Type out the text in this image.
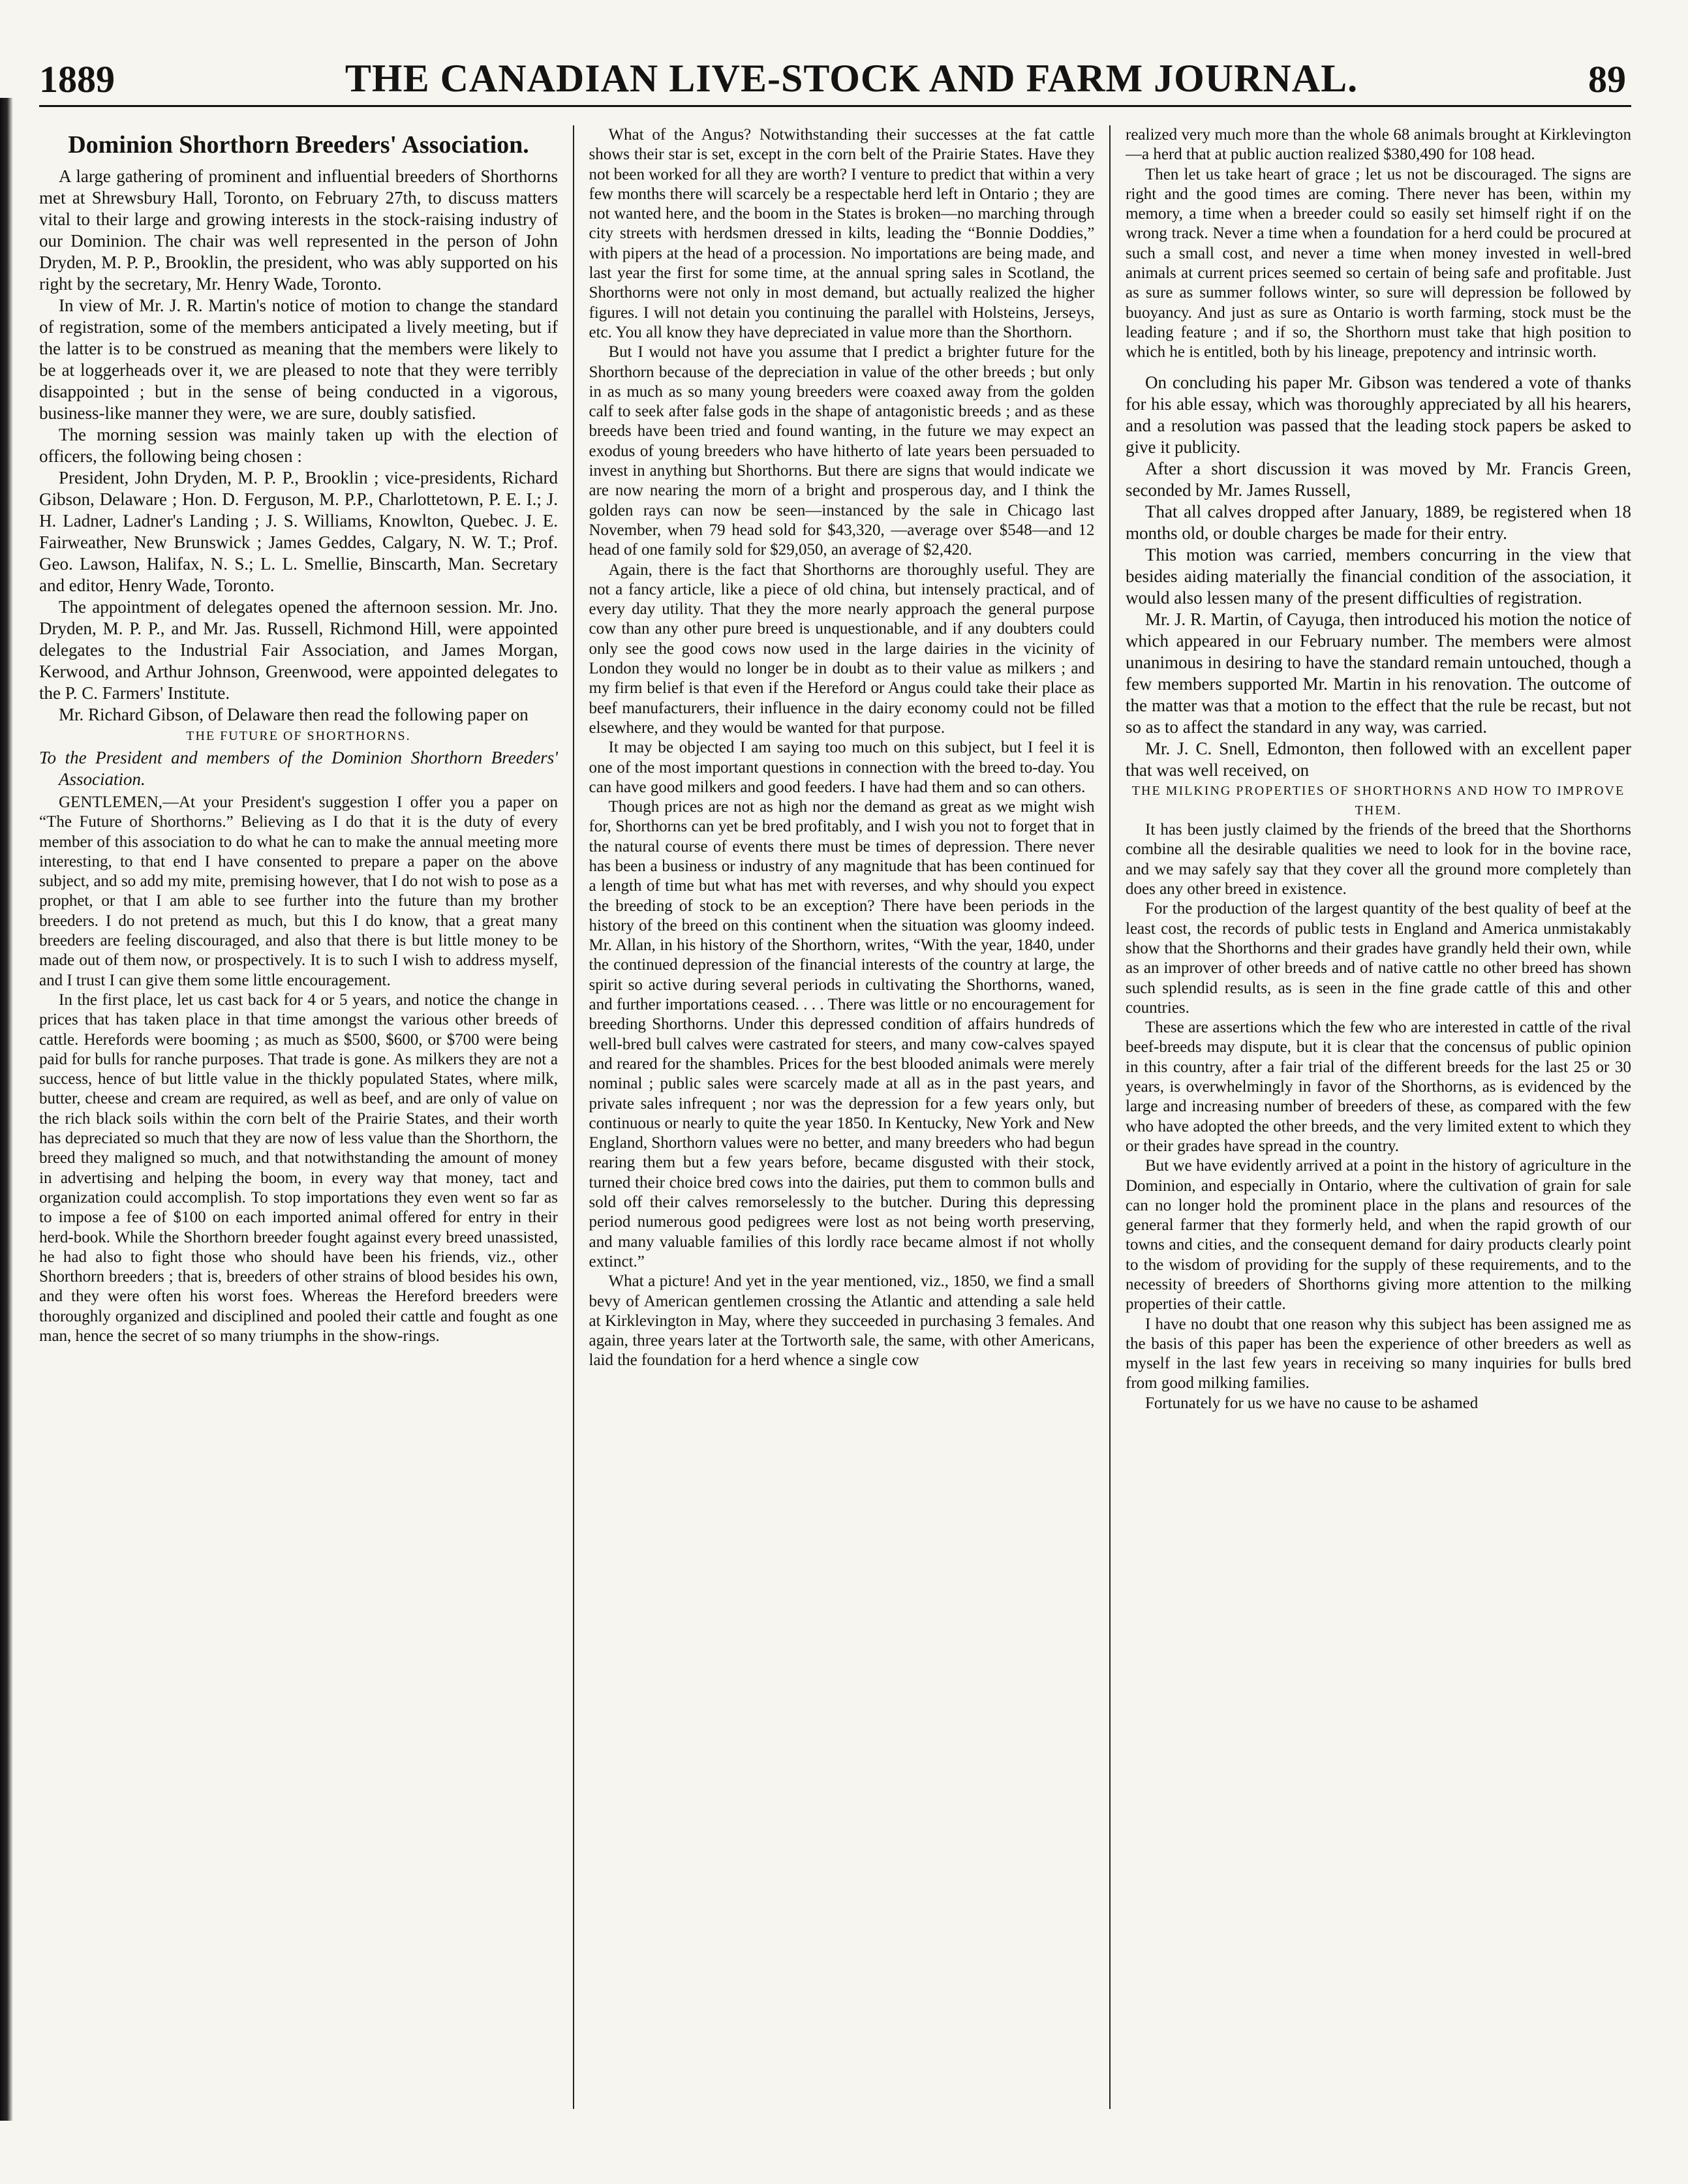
1889	THE CANADIAN LIVE-STOCK AND FARM JOURNAL.	89
Dominion Shorthorn Breeders' Association.

A large gathering of prominent and influential breeders of Shorthorns met at Shrewsbury Hall, Toronto, on February 27th, to discuss matters vital to their large and growing interests in the stock-raising industry of our Dominion. The chair was well represented in the person of John Dryden, M. P. P., Brooklin, the president, who was ably supported on his right by the secretary, Mr. Henry Wade, Toronto.

In view of Mr. J. R. Martin's notice of motion to change the standard of registration, some of the members anticipated a lively meeting, but if the latter is to be construed as meaning that the members were likely to be at loggerheads over it, we are pleased to note that they were terribly disappointed ; but in the sense of being conducted in a vigorous, business-like manner they were, we are sure, doubly satisfied.

The morning session was mainly taken up with the election of officers, the following being chosen :

President, John Dryden, M. P. P., Brooklin ; vice-presidents, Richard Gibson, Delaware ; Hon. D. Ferguson, M. P.P., Charlottetown, P. E. I.; J. H. Ladner, Ladner's Landing ; J. S. Williams, Knowlton, Quebec. J. E. Fairweather, New Brunswick ; James Geddes, Calgary, N. W. T.; Prof. Geo. Lawson, Halifax, N. S.; L. L. Smellie, Binscarth, Man. Secretary and editor, Henry Wade, Toronto.

The appointment of delegates opened the afternoon session. Mr. Jno. Dryden, M. P. P., and Mr. Jas. Russell, Richmond Hill, were appointed delegates to the Industrial Fair Association, and James Morgan, Kerwood, and Arthur Johnson, Greenwood, were appointed delegates to the P. C. Farmers' Institute.

Mr. Richard Gibson, of Delaware then read the following paper on

THE FUTURE OF SHORTHORNS.

To the President and members of the Dominion Shorthorn Breeders' Association.

GENTLEMEN,—At your President's suggestion I offer you a paper on “The Future of Shorthorns.” Believing as I do that it is the duty of every member of this association to do what he can to make the annual meeting more interesting, to that end I have consented to prepare a paper on the above subject, and so add my mite, premising however, that I do not wish to pose as a prophet, or that I am able to see further into the future than my brother breeders. I do not pretend as much, but this I do know, that a great many breeders are feeling discouraged, and also that there is but little money to be made out of them now, or prospectively. It is to such I wish to address myself, and I trust I can give them some little encouragement.

In the first place, let us cast back for 4 or 5 years, and notice the change in prices that has taken place in that time amongst the various other breeds of cattle. Herefords were booming ; as much as $500, $600, or $700 were being paid for bulls for ranche purposes. That trade is gone. As milkers they are not a success, hence of but little value in the thickly populated States, where milk, butter, cheese and cream are required, as well as beef, and are only of value on the rich black soils within the corn belt of the Prairie States, and their worth has depreciated so much that they are now of less value than the Shorthorn, the breed they maligned so much, and that notwithstanding the amount of money in advertising and helping the boom, in every way that money, tact and organization could accomplish. To stop importations they even went so far as to impose a fee of $100 on each imported animal offered for entry in their herd-book. While the Shorthorn breeder fought against every breed unassisted, he had also to fight those who should have been his friends, viz., other Shorthorn breeders ; that is, breeders of other strains of blood besides his own, and they were often his worst foes. Whereas the Hereford breeders were thoroughly organized and disciplined and pooled their cattle and fought as one man, hence the secret of so many triumphs in the show-rings.

What of the Angus? Notwithstanding their successes at the fat cattle shows their star is set, except in the corn belt of the Prairie States. Have they not been worked for all they are worth? I venture to predict that within a very few months there will scarcely be a respectable herd left in Ontario ; they are not wanted here, and the boom in the States is broken—no marching through city streets with herdsmen dressed in kilts, leading the “Bonnie Doddies,” with pipers at the head of a procession. No importations are being made, and last year the first for some time, at the annual spring sales in Scotland, the Shorthorns were not only in most demand, but actually realized the higher figures. I will not detain you continuing the parallel with Holsteins, Jerseys, etc. You all know they have depreciated in value more than the Shorthorn.

But I would not have you assume that I predict a brighter future for the Shorthorn because of the depreciation in value of the other breeds ; but only in as much as so many young breeders were coaxed away from the golden calf to seek after false gods in the shape of antagonistic breeds ; and as these breeds have been tried and found wanting, in the future we may expect an exodus of young breeders who have hitherto of late years been persuaded to invest in anything but Shorthorns. But there are signs that would indicate we are now nearing the morn of a bright and prosperous day, and I think the golden rays can now be seen—instanced by the sale in Chicago last November, when 79 head sold for $43,320, —average over $548—and 12 head of one family sold for $29,050, an average of $2,420.

Again, there is the fact that Shorthorns are thoroughly useful. They are not a fancy article, like a piece of old china, but intensely practical, and of every day utility. That they the more nearly approach the general purpose cow than any other pure breed is unquestionable, and if any doubters could only see the good cows now used in the large dairies in the vicinity of London they would no longer be in doubt as to their value as milkers ; and my firm belief is that even if the Hereford or Angus could take their place as beef manufacturers, their influence in the dairy economy could not be filled elsewhere, and they would be wanted for that purpose.

It may be objected I am saying too much on this subject, but I feel it is one of the most important questions in connection with the breed to-day. You can have good milkers and good feeders. I have had them and so can others.

Though prices are not as high nor the demand as great as we might wish for, Shorthorns can yet be bred profitably, and I wish you not to forget that in the natural course of events there must be times of depression. There never has been a business or industry of any magnitude that has been continued for a length of time but what has met with reverses, and why should you expect the breeding of stock to be an exception? There have been periods in the history of the breed on this continent when the situation was gloomy indeed. Mr. Allan, in his history of the Shorthorn, writes, “With the year, 1840, under the continued depression of the financial interests of the country at large, the spirit so active during several periods in cultivating the Shorthorns, waned, and further importations ceased. . . . There was little or no encouragement for breeding Shorthorns. Under this depressed condition of affairs hundreds of well-bred bull calves were castrated for steers, and many cow-calves spayed and reared for the shambles. Prices for the best blooded animals were merely nominal ; public sales were scarcely made at all as in the past years, and private sales infrequent ; nor was the depression for a few years only, but continuous or nearly to quite the year 1850. In Kentucky, New York and New England, Shorthorn values were no better, and many breeders who had begun rearing them but a few years before, became disgusted with their stock, turned their choice bred cows into the dairies, put them to common bulls and sold off their calves remorselessly to the butcher. During this depressing period numerous good pedigrees were lost as not being worth preserving, and many valuable families of this lordly race became almost if not wholly extinct.”

What a picture! And yet in the year mentioned, viz., 1850, we find a small bevy of American gentlemen crossing the Atlantic and attending a sale held at Kirklevington in May, where they succeeded in purchasing 3 females. And again, three years later at the Tortworth sale, the same, with other Americans, laid the foundation for a herd whence a single cow

realized very much more than the whole 68 animals brought at Kirklevington—a herd that at public auction realized $380,490 for 108 head.

Then let us take heart of grace ; let us not be discouraged. The signs are right and the good times are coming. There never has been, within my memory, a time when a breeder could so easily set himself right if on the wrong track. Never a time when a foundation for a herd could be procured at such a small cost, and never a time when money invested in well-bred animals at current prices seemed so certain of being safe and profitable. Just as sure as summer follows winter, so sure will depression be followed by buoyancy. And just as sure as Ontario is worth farming, stock must be the leading feature ; and if so, the Shorthorn must take that high position to which he is entitled, both by his lineage, prepotency and intrinsic worth.

On concluding his paper Mr. Gibson was tendered a vote of thanks for his able essay, which was thoroughly appreciated by all his hearers, and a resolution was passed that the leading stock papers be asked to give it publicity.

After a short discussion it was moved by Mr. Francis Green, seconded by Mr. James Russell,

That all calves dropped after January, 1889, be registered when 18 months old, or double charges be made for their entry.

This motion was carried, members concurring in the view that besides aiding materially the financial condition of the association, it would also lessen many of the present difficulties of registration.

Mr. J. R. Martin, of Cayuga, then introduced his motion the notice of which appeared in our February number. The members were almost unanimous in desiring to have the standard remain untouched, though a few members supported Mr. Martin in his renovation. The outcome of the matter was that a motion to the effect that the rule be recast, but not so as to affect the standard in any way, was carried.

Mr. J. C. Snell, Edmonton, then followed with an excellent paper that was well received, on

THE MILKING PROPERTIES OF SHORTHORNS AND HOW TO IMPROVE THEM.

It has been justly claimed by the friends of the breed that the Shorthorns combine all the desirable qualities we need to look for in the bovine race, and we may safely say that they cover all the ground more completely than does any other breed in existence.

For the production of the largest quantity of the best quality of beef at the least cost, the records of public tests in England and America unmistakably show that the Shorthorns and their grades have grandly held their own, while as an improver of other breeds and of native cattle no other breed has shown such splendid results, as is seen in the fine grade cattle of this and other countries.

These are assertions which the few who are interested in cattle of the rival beef-breeds may dispute, but it is clear that the concensus of public opinion in this country, after a fair trial of the different breeds for the last 25 or 30 years, is overwhelmingly in favor of the Shorthorns, as is evidenced by the large and increasing number of breeders of these, as compared with the few who have adopted the other breeds, and the very limited extent to which they or their grades have spread in the country.

But we have evidently arrived at a point in the history of agriculture in the Dominion, and especially in Ontario, where the cultivation of grain for sale can no longer hold the prominent place in the plans and resources of the general farmer that they formerly held, and when the rapid growth of our towns and cities, and the consequent demand for dairy products clearly point to the wisdom of providing for the supply of these requirements, and to the necessity of breeders of Shorthorns giving more attention to the milking properties of their cattle.

I have no doubt that one reason why this subject has been assigned me as the basis of this paper has been the experience of other breeders as well as myself in the last few years in receiving so many inquiries for bulls bred from good milking families.

Fortunately for us we have no cause to be ashamed
